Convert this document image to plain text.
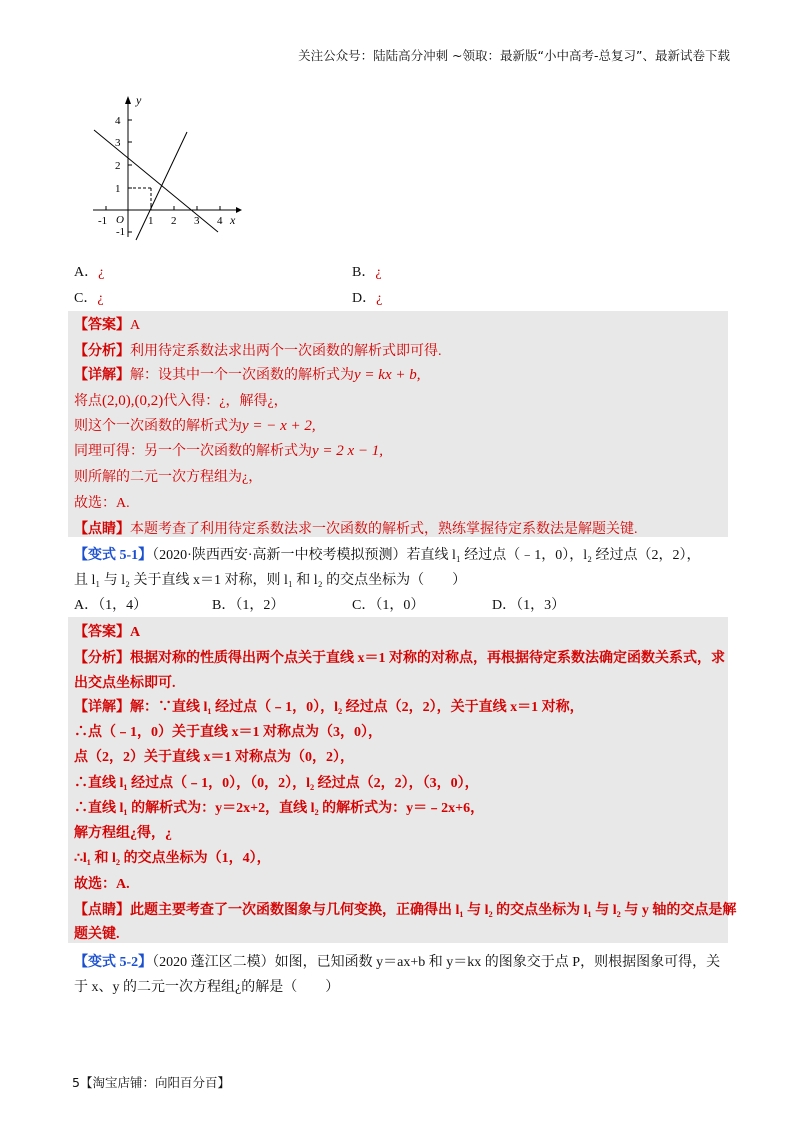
关注公众号：陆陆高分冲刺 ~领取：最新版“小中高考-总复习”、最新试卷下载
y
x
O
4
3
2
1
-1
-1	1 2 3 4
A．¿	B．¿
C．¿	D．¿
【答案】A
【分析】利用待定系数法求出两个一次函数的解析式即可得.
【详解】解：设其中一个一次函数的解析式为y = kx + b,
将点(2,0),(0,2)代入得：¿，解得¿，
则这个一次函数的解析式为y = − x + 2,
同理可得：另一个一次函数的解析式为y = 2 x − 1,
则所解的二元一次方程组为¿，
故选：A.
【点睛】本题考查了利用待定系数法求一次函数的解析式，熟练掌握待定系数法是解题关键.
【变式 5-1】（2020·陕西西安·高新一中校考模拟预测）若直线 l₁ 经过点（﹣1，0），l₂ 经过点（2，2），
且 l₁ 与 l₂ 关于直线 x＝1 对称，则 l₁ 和 l₂ 的交点坐标为（　　）
A．（1，4）	B．（1，2）	C．（1，0）	D．（1，3）
【答案】A
【分析】根据对称的性质得出两个点关于直线 x＝1 对称的对称点，再根据待定系数法确定函数关系式，求
出交点坐标即可.
【详解】解：∵直线 l₁ 经过点（﹣1，0），l₂ 经过点（2，2），关于直线 x＝1 对称，
∴点（﹣1，0）关于直线 x＝1 对称点为（3，0），
点（2，2）关于直线 x＝1 对称点为（0，2），
∴直线 l₁ 经过点（﹣1，0），（0，2），l₂ 经过点（2，2），（3，0），
∴直线 l₁ 的解析式为：y＝2x+2，直线 l₂ 的解析式为：y＝﹣2x+6，
解方程组¿得，¿
∴l₁ 和 l₂ 的交点坐标为（1，4），
故选：A.
【点睛】此题主要考查了一次函数图象与几何变换，正确得出 l₁ 与 l₂ 的交点坐标为 l₁ 与 l₂ 与 y 轴的交点是解
题关键.
【变式 5-2】（2020 蓬江区二模）如图，已知函数 y＝ax+b 和 y＝kx 的图象交于点 P，则根据图象可得，关
于 x、y 的二元一次方程组¿的解是（　　）
5【淘宝店铺：向阳百分百】
